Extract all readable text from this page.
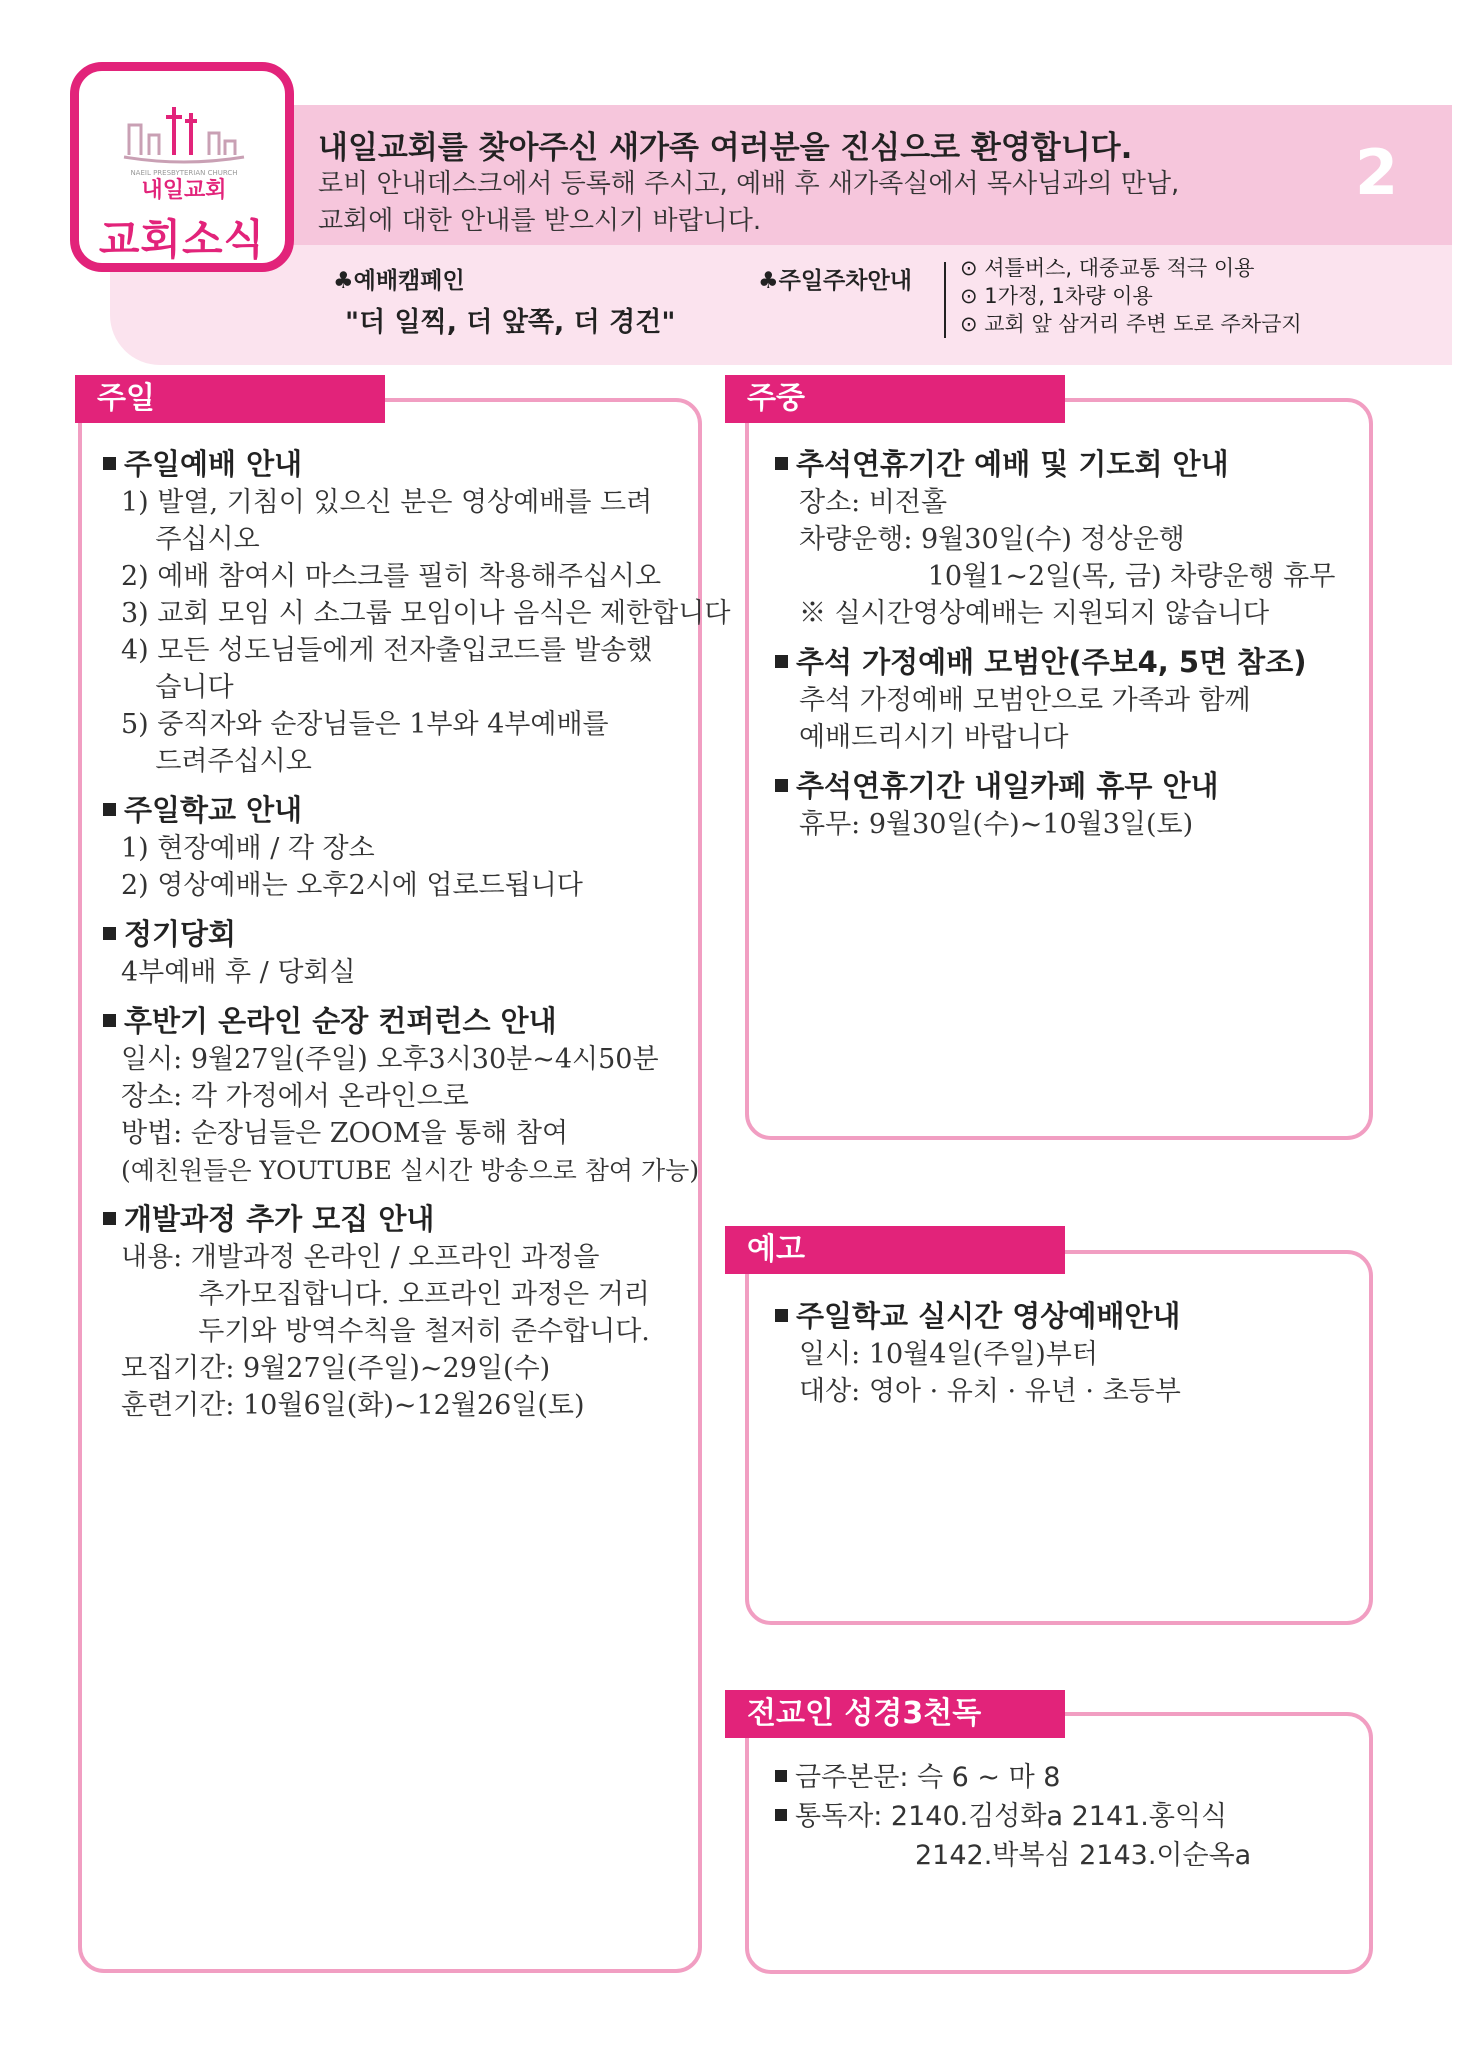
NAEIL PRESBYTERIAN CHURCH
내일교회
교회소식
내일교회를 찾아주신 새가족 여러분을 진심으로 환영합니다.
로비 안내데스크에서 등록해 주시고, 예배 후 새가족실에서 목사님과의 만남,
교회에 대한 안내를 받으시기 바랍니다.
2
♣예배캠페인
"더 일찍, 더 앞쪽, 더 경건"
♣주일주차안내 ⊙ 셔틀버스, 대중교통 적극 이용
⊙ 1가정, 1차량 이용
⊙ 교회 앞 삼거리 주변 도로 주차금지
주일
주일예배 안내
1) 발열, 기침이 있으신 분은 영상예배를 드려
주십시오
2) 예배 참여시 마스크를 필히 착용해주십시오
3) 교회 모임 시 소그룹 모임이나 음식은 제한합니다
4) 모든 성도님들에게 전자출입코드를 발송했
습니다
5) 중직자와 순장님들은 1부와 4부예배를
드려주십시오
주일학교 안내
1) 현장예배 / 각 장소
2) 영상예배는 오후2시에 업로드됩니다
정기당회
4부예배 후 / 당회실
후반기 온라인 순장 컨퍼런스 안내
일시: 9월27일(주일) 오후3시30분~4시50분
장소: 각 가정에서 온라인으로
방법: 순장님들은 ZOOM을 통해 참여
(예친원들은 YOUTUBE 실시간 방송으로 참여 가능)
개발과정 추가 모집 안내
내용: 개발과정 온라인 / 오프라인 과정을
추가모집합니다. 오프라인 과정은 거리
두기와 방역수칙을 철저히 준수합니다.
모집기간: 9월27일(주일)~29일(수)
훈련기간: 10월6일(화)~12월26일(토)
주중
추석연휴기간 예배 및 기도회 안내
장소: 비전홀
차량운행: 9월30일(수) 정상운행
10월1~2일(목, 금) 차량운행 휴무
※ 실시간영상예배는 지원되지 않습니다
추석 가정예배 모범안(주보4, 5면 참조)
추석 가정예배 모범안으로 가족과 함께
예배드리시기 바랍니다
추석연휴기간 내일카페 휴무 안내
휴무: 9월30일(수)~10월3일(토)
예고
주일학교 실시간 영상예배안내
일시: 10월4일(주일)부터
대상: 영아 · 유치 · 유년 · 초등부
전교인 성경3천독
금주본문: 슥 6 ~ 마 8
통독자: 2140.김성화a 2141.홍익식
2142.박복심 2143.이순옥a
